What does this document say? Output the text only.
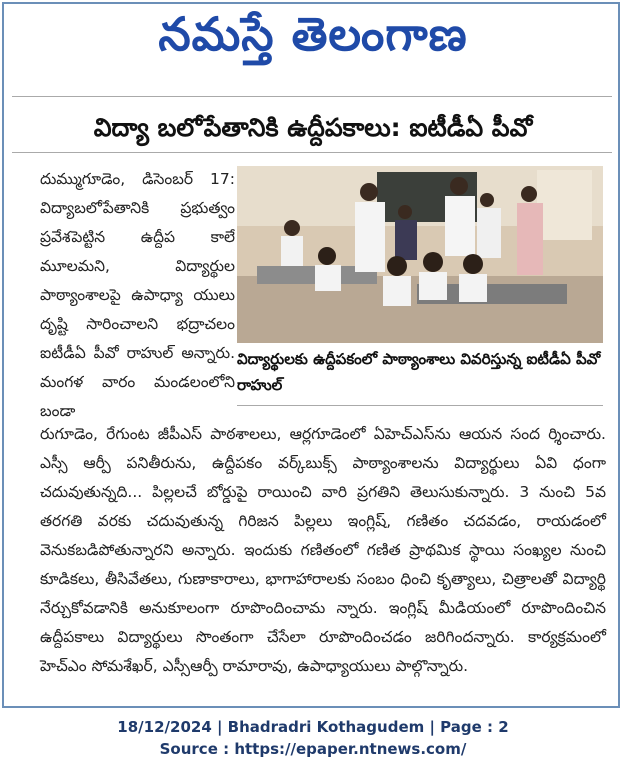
నమస్తే తెలంగాణ
విద్యా బలోపేతానికి ఉద్దీపకాలు: ఐటీడీఏ పీవో

దుమ్ముగూడెం, డిసెంబర్ 17: విద్యాబలోపేతానికి ప్రభుత్వం ప్రవేశపెట్టిన ఉద్దీప కాలే మూలమని, విద్యార్థుల పాఠ్యాంశాలపై ఉపాధ్యా యులు దృష్టి సారించాలని భద్రాచలం ఐటీడీఏ పీవో రాహుల్ అన్నారు. మంగళ వారం మండలంలోని బండా

విద్యార్థులకు ఉద్దీపకంలో పాఠ్యాంశాలు వివరిస్తున్న ఐటీడీఏ పీవో రాహుల్

రుగూడెం, రేగుంట జీపీఎస్ పాఠశాలలు, ఆర్లగూడెంలో ఏహెచ్ఎస్‌ను ఆయన సంద ర్శించారు. ఎస్సీ ఆర్పీ పనితీరును, ఉద్దీపకం వర్క్‌బుక్స్ పాఠ్యాంశాలను విద్యార్థులు ఏవి ధంగా చదువుతున్నది... పిల్లలచే బోర్డుపై రాయించి వారి ప్రగతిని తెలుసుకున్నారు. 3 నుంచి 5వ తరగతి వరకు చదువుతున్న గిరిజన పిల్లలు ఇంగ్లిష్, గణితం చదవడం, రాయడంలో వెనుకబడిపోతున్నారని అన్నారు. ఇందుకు గణితంలో గణిత ప్రాథమిక స్థాయి సంఖ్యల నుంచి కూడికలు, తీసివేతలు, గుణాకారాలు, భాగాహారాలకు సంబం ధించి కృత్యాలు, చిత్రాలతో విద్యార్థి నేర్చుకోవడానికి అనుకూలంగా రూపొందించామ న్నారు. ఇంగ్లిష్ మీడియంలో రూపొందించిన ఉద్దీపకాలు విద్యార్థులు సొంతంగా చేసేలా రూపొందించడం జరిగిందన్నారు. కార్యక్రమంలో హెచ్ఎం సోమశేఖర్, ఎస్సీఆర్పీ రామారావు, ఉపాధ్యాయులు పాల్గొన్నారు.

18/12/2024 | Bhadradri Kothagudem | Page : 2
Source : https://epaper.ntnews.com/
